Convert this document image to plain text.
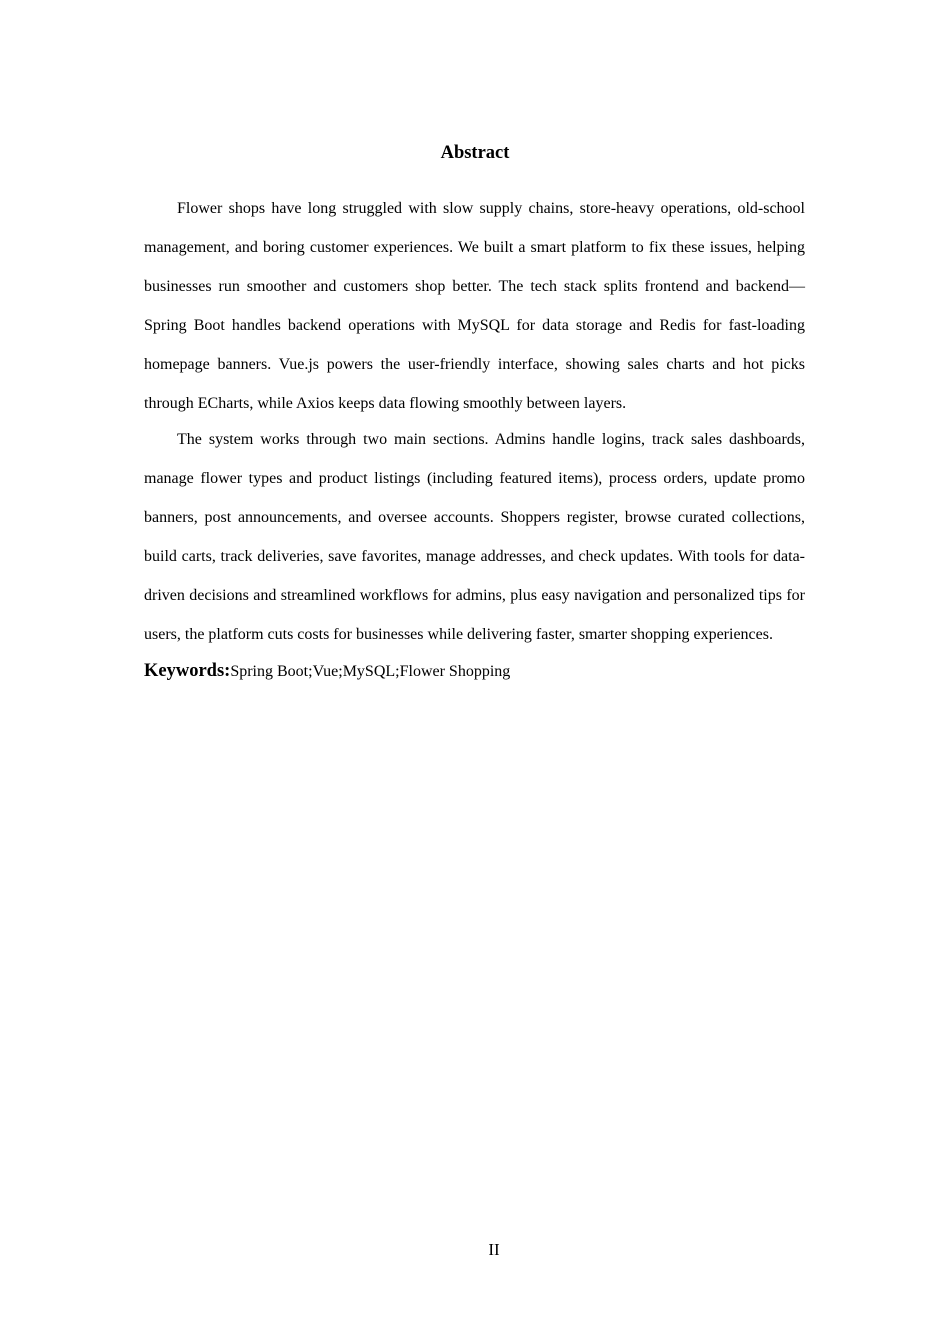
Abstract

Flower shops have long struggled with slow supply chains, store-heavy operations, old-school management, and boring customer experiences. We built a smart platform to fix these issues, helping businesses run smoother and customers shop better. The tech stack splits frontend and backend—Spring Boot handles backend operations with MySQL for data storage and Redis for fast-loading homepage banners. Vue.js powers the user-friendly interface, showing sales charts and hot picks through ECharts, while Axios keeps data flowing smoothly between layers.

The system works through two main sections. Admins handle logins, track sales dashboards, manage flower types and product listings (including featured items), process orders, update promo banners, post announcements, and oversee accounts. Shoppers register, browse curated collections, build carts, track deliveries, save favorites, manage addresses, and check updates. With tools for data-driven decisions and streamlined workflows for admins, plus easy navigation and personalized tips for users, the platform cuts costs for businesses while delivering faster, smarter shopping experiences.

Keywords:Spring Boot;Vue;MySQL;Flower Shopping
II
